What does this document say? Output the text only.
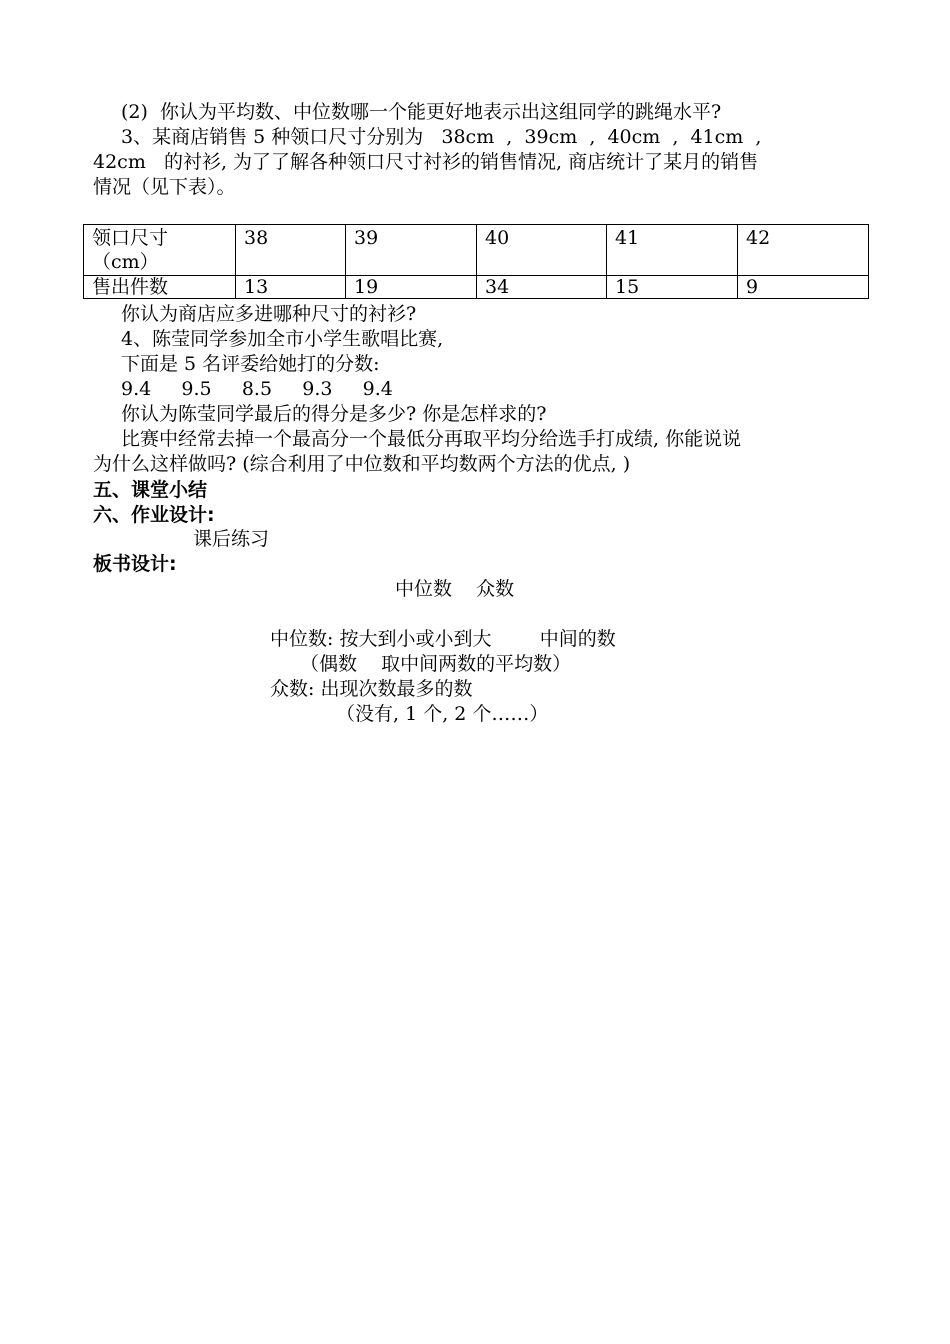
(2)  你认为平均数、中位数哪一个能更好地表示出这组同学的跳绳水平?
3、某商店销售 5 种领口尺寸分别为   38cm  ,  39cm  ,  40cm  ,  41cm  ,
42cm   的衬衫, 为了了解各种领口尺寸衬衫的销售情况, 商店统计了某月的销售
情况（见下表）。
领口尺寸
（cm）	38	39	40	41	42
售出件数	13	19	34	15	9
你认为商店应多进哪种尺寸的衬衫?
4、陈莹同学参加全市小学生歌唱比赛,
下面是 5 名评委给她打的分数:
9.4     9.5     8.5     9.3     9.4
你认为陈莹同学最后的得分是多少? 你是怎样求的?
比赛中经常去掉一个最高分一个最低分再取平均分给选手打成绩, 你能说说
为什么这样做吗? (综合利用了中位数和平均数两个方法的优点, )
五、课堂小结
六、作业设计:
课后练习
板书设计:
中位数    众数
中位数: 按大到小或小到大        中间的数
（偶数    取中间两数的平均数）
众数: 出现次数最多的数
（没有, 1 个, 2 个……）
